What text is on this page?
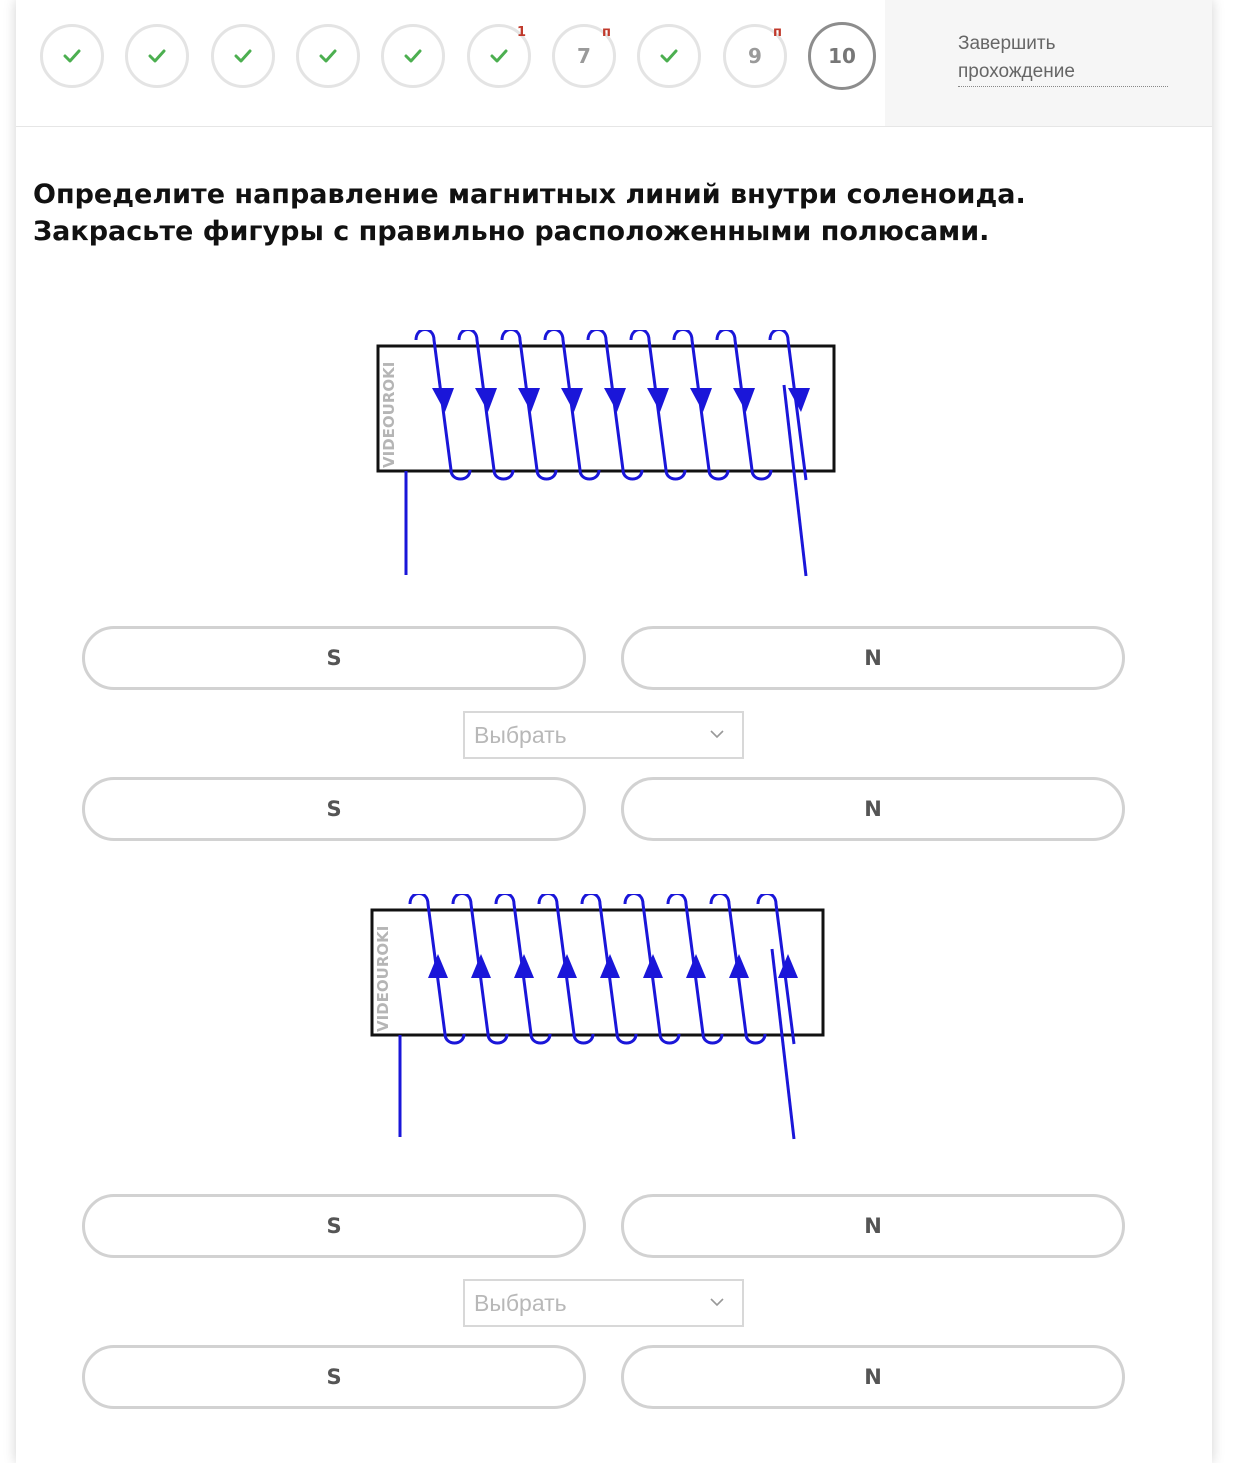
1
7
п
9
п
10
Завершить прохождение
Определите направление магнитных линий внутри соленоида. Закрасьте фигуры с правильно расположенными полюсами.
VIDEOUROKI
S	N
Выбрать
S	N
VIDEOUROKI
S	N
Выбрать
S	N
